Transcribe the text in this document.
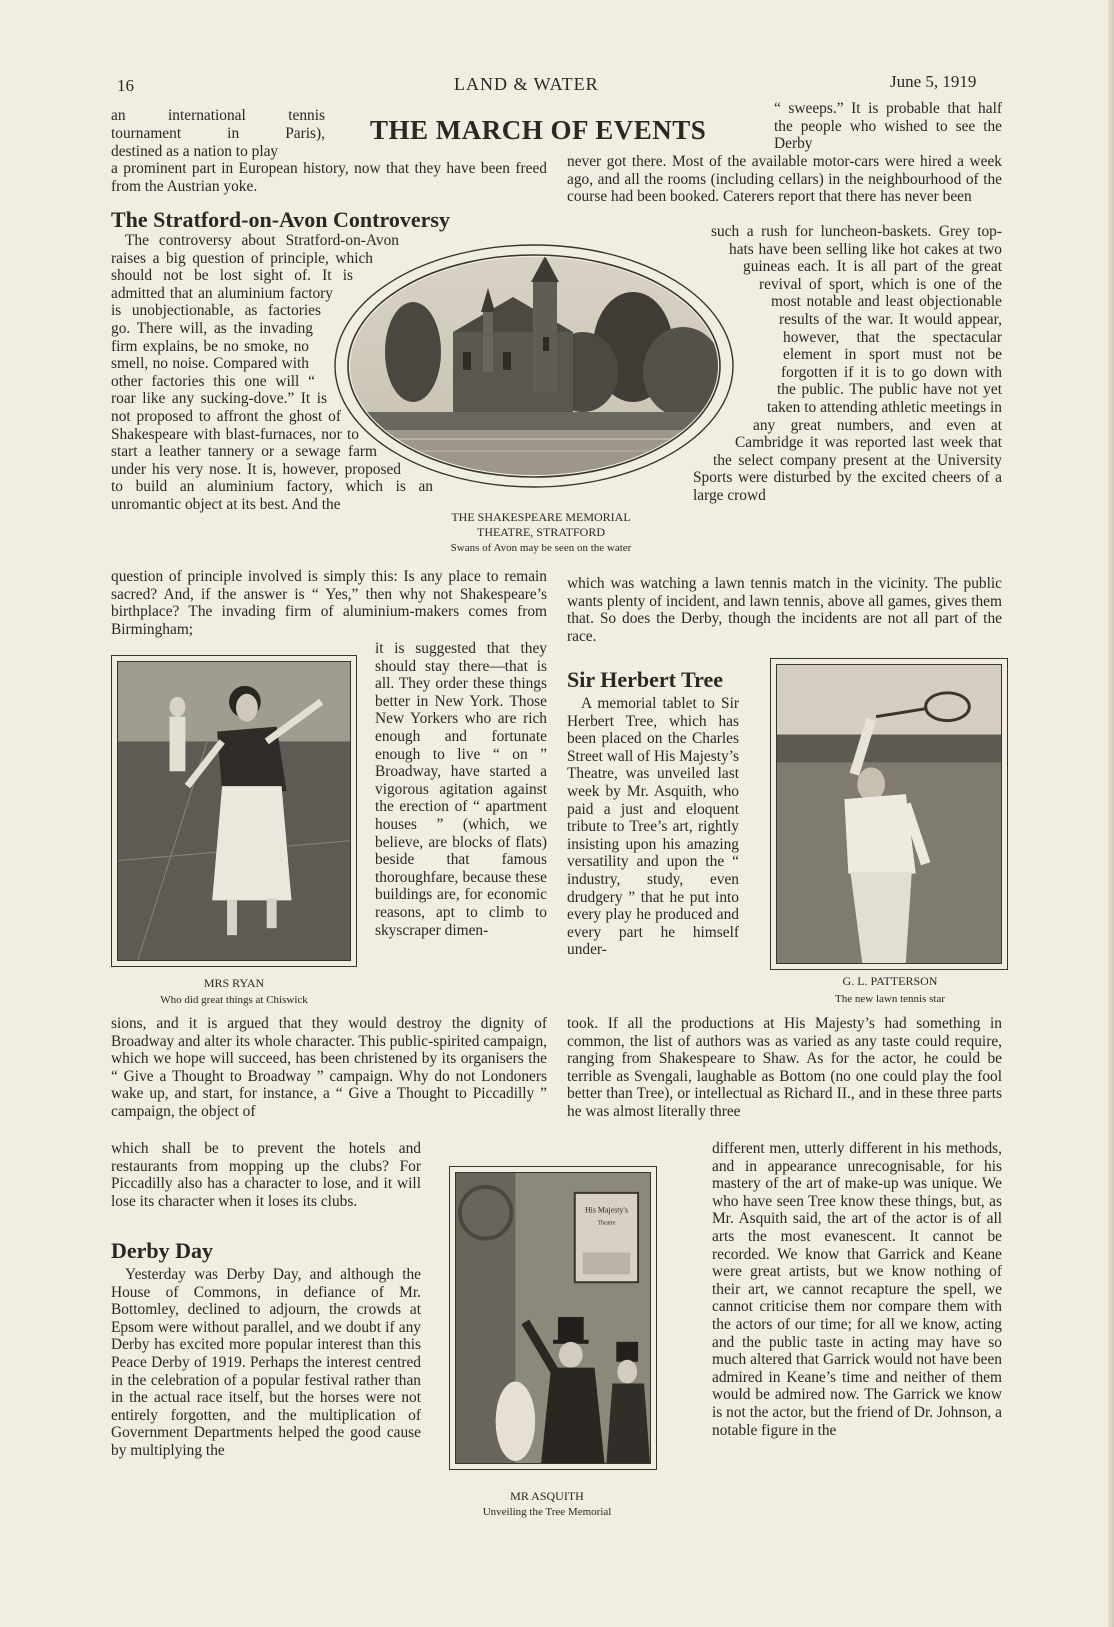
16	LAND & WATER	June 5, 1919
THE MARCH OF EVENTS

an international tennis

tournament in Paris),

destined as a nation to play

a prominent part in European history, now that they have been freed from the Austrian yoke.

The Stratford-on-Avon Controversy

The controversy about Stratford-on-Avon raises a big question of principle, which should not be lost sight of. It is admitted that an aluminium factory is unobjectionable, as factories go. There will, as the invading firm explains, be no smoke, no smell, no noise. Compared with other factories this one will “ roar like any sucking-dove.” It is not proposed to affront the ghost of Shakespeare with blast-furnaces, nor to start a leather tannery or a sewage farm under his very nose. It is, however, proposed to build an aluminium factory, which is an unromantic object at its best. And the

THE SHAKESPEARE MEMORIAL THEATRE, STRATFORD
Swans of Avon may be seen on the water

question of principle involved is simply this: Is any place to remain sacred? And, if the answer is “ Yes,” then why not Shakespeare’s birthplace? The invading firm of aluminium-makers comes from Birmingham;

MRS RYAN
Who did great things at Chiswick

it is suggested that they should stay there—that is all. They order these things better in New York. Those New Yorkers who are rich enough and fortunate enough to live “ on ” Broadway, have started a vigorous agitation against the erection of “ apartment houses ” (which, we believe, are blocks of flats) beside that famous thoroughfare, because these buildings are, for economic reasons, apt to climb to skyscraper dimen-

sions, and it is argued that they would destroy the dignity of Broadway and alter its whole character. This public-spirited campaign, which we hope will succeed, has been christened by its organisers the “ Give a Thought to Broadway ” campaign. Why do not Londoners wake up, and start, for instance, a “ Give a Thought to Piccadilly ” campaign, the object of

which shall be to prevent the hotels and restaurants from mopping up the clubs? For Piccadilly also has a character to lose, and it will lose its character when it loses its clubs.

Derby Day

Yesterday was Derby Day, and although the House of Commons, in defiance of Mr. Bottomley, declined to adjourn, the crowds at Epsom were without parallel, and we doubt if any Derby has excited more popular interest than this Peace Derby of 1919. Perhaps the interest centred in the celebration of a popular festival rather than in the actual race itself, but the horses were not entirely forgotten, and the multiplication of Government Departments helped the good cause by multiplying the

His Majesty's
Theatre
MR ASQUITH
Unveiling the Tree Memorial

“ sweeps.” It is probable that half the people who wished to see the Derby

never got there. Most of the available motor-cars were hired a week ago, and all the rooms (including cellars) in the neighbourhood of the course had been booked. Caterers report that there has never been

such a rush for luncheon-baskets. Grey top-hats have been selling like hot cakes at two guineas each. It is all part of the great revival of sport, which is one of the most notable and least objectionable results of the war. It would appear, however, that the spectacular element in sport must not be forgotten if it is to go down with the public. The public have not yet taken to attending athletic meetings in any great numbers, and even at Cambridge it was reported last week that the select company present at the University Sports were disturbed by the excited cheers of a large crowd

which was watching a lawn tennis match in the vicinity. The public wants plenty of incident, and lawn tennis, above all games, gives them that. So does the Derby, though the incidents are not all part of the race.

Sir Herbert Tree

A memorial tablet to Sir Herbert Tree, which has been placed on the Charles Street wall of His Majesty’s Theatre, was unveiled last week by Mr. Asquith, who paid a just and eloquent tribute to Tree’s art, rightly insisting upon his amazing versatility and upon the “ industry, study, even drudgery ” that he put into every play he produced and every part he himself under-

G. L. PATTERSON
The new lawn tennis star

took. If all the productions at His Majesty’s had something in common, the list of authors was as varied as any taste could require, ranging from Shakespeare to Shaw. As for the actor, he could be terrible as Svengali, laughable as Bottom (no one could play the fool better than Tree), or intellectual as Richard II., and in these three parts he was almost literally three

different men, utterly different in his methods, and in appearance unrecognisable, for his mastery of the art of make-up was unique. We who have seen Tree know these things, but, as Mr. Asquith said, the art of the actor is of all arts the most evanescent. It cannot be recorded. We know that Garrick and Keane were great artists, but we know nothing of their art, we cannot recapture the spell, we cannot criticise them nor compare them with the actors of our time; for all we know, acting and the public taste in acting may have so much altered that Garrick would not have been admired in Keane’s time and neither of them would be admired now. The Garrick we know is not the actor, but the friend of Dr. Johnson, a notable figure in the
